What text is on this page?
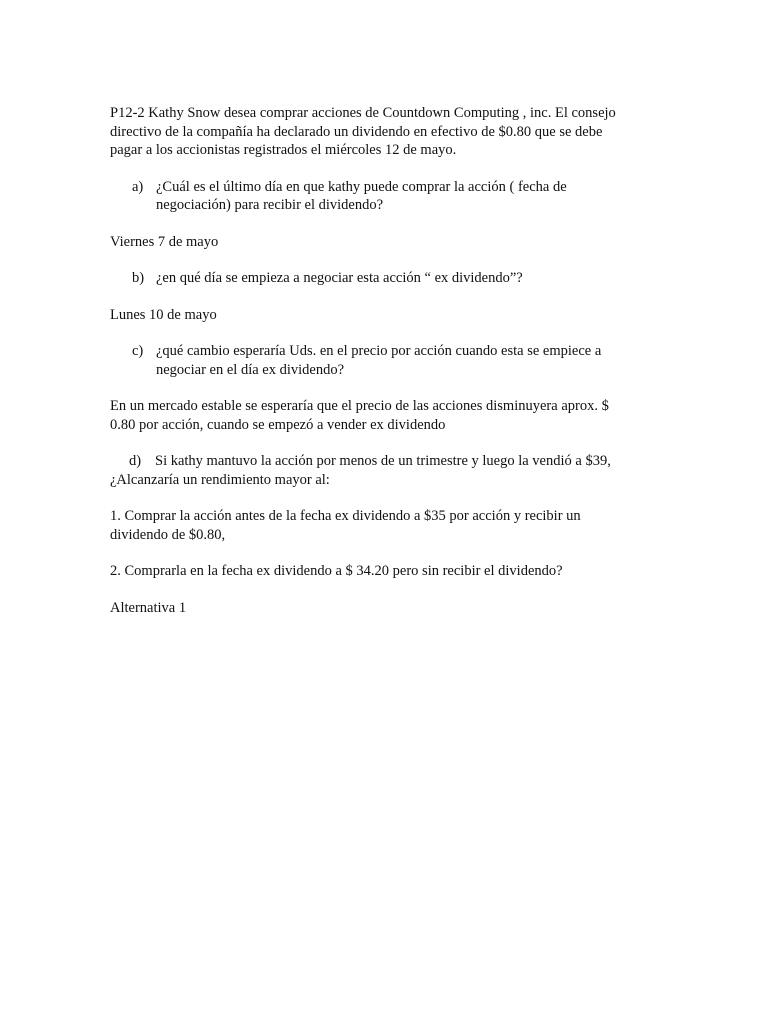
P12-2 Kathy Snow desea comprar acciones de Countdown Computing , inc. El consejo

directivo de la compañía ha declarado un dividendo en efectivo de $0.80 que se debe

pagar a los accionistas registrados el miércoles 12 de mayo.

a) ¿Cuál es el último día en que kathy puede comprar la acción ( fecha de

negociación) para recibir el dividendo?

Viernes 7 de mayo

b) ¿en qué día se empieza a negociar esta acción “ ex dividendo”?

Lunes 10 de mayo

c) ¿qué cambio esperaría Uds. en el precio por acción cuando esta se empiece a

negociar en el día ex dividendo?

En un mercado estable se esperaría que el precio de las acciones disminuyera aprox. $

0.80 por acción, cuando se empezó a vender ex dividendo

d) Si kathy mantuvo la acción por menos de un trimestre y luego la vendió a $39,

¿Alcanzaría un rendimiento mayor al:

1. Comprar la acción antes de la fecha ex dividendo a $35 por acción y recibir un

dividendo de $0.80,

2. Comprarla en la fecha ex dividendo a $ 34.20 pero sin recibir el dividendo?

Alternativa 1
